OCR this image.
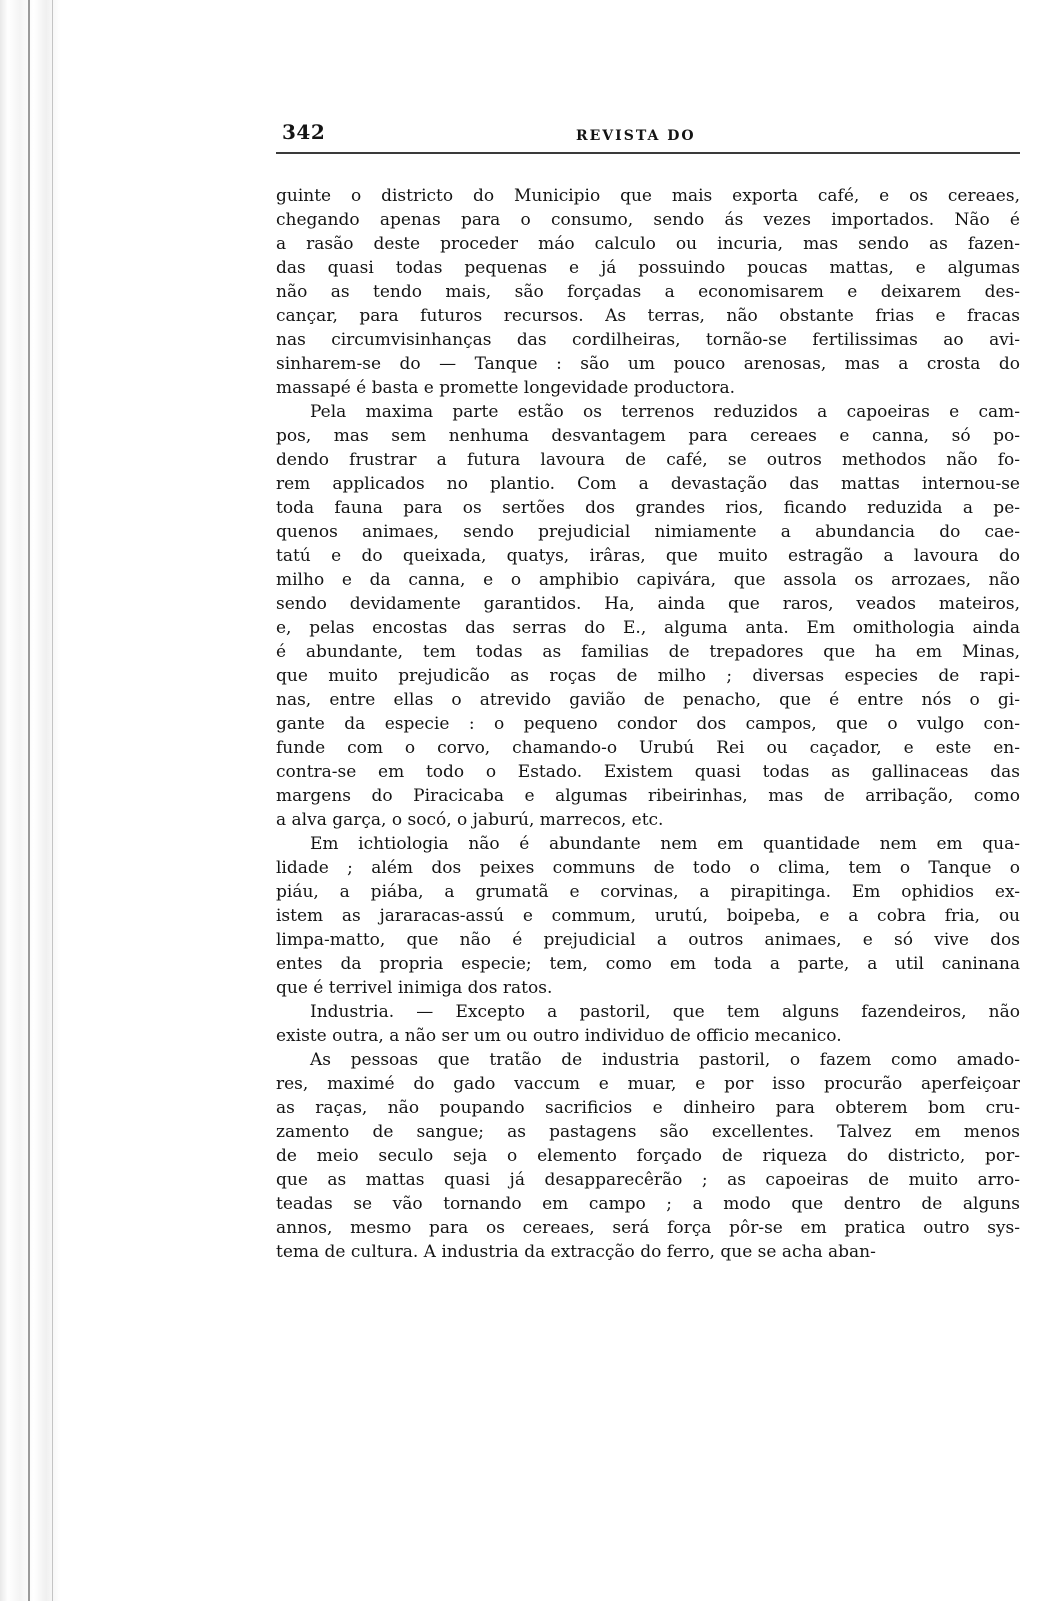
342	REVISTA DO
guinte o districto do Municipio que mais exporta café, e os cereaes,
chegando apenas para o consumo, sendo ás vezes importados. Não é
a rasão deste proceder máo calculo ou incuria, mas sendo as fazen-
das quasi todas pequenas e já possuindo poucas mattas, e algumas
não as tendo mais, são forçadas a economisarem e deixarem des-
cançar, para futuros recursos. As terras, não obstante frias e fracas
nas circumvisinhanças das cordilheiras, tornão-se fertilissimas ao avi-
sinharem-se do — Tanque : são um pouco arenosas, mas a crosta do
massapé é basta e promette longevidade productora.
Pela maxima parte estão os terrenos reduzidos a capoeiras e cam-
pos, mas sem nenhuma desvantagem para cereaes e canna, só po-
dendo frustrar a futura lavoura de café, se outros methodos não fo-
rem applicados no plantio. Com a devastação das mattas internou-se
toda fauna para os sertões dos grandes rios, ficando reduzida a pe-
quenos animaes, sendo prejudicial nimiamente a abundancia do cae-
tatú e do queixada, quatys, irâras, que muito estragão a lavoura do
milho e da canna, e o amphibio capivára, que assola os arrozaes, não
sendo devidamente garantidos. Ha, ainda que raros, veados mateiros,
e, pelas encostas das serras do E., alguma anta. Em omithologia ainda
é abundante, tem todas as familias de trepadores que ha em Minas,
que muito prejudicão as roças de milho ; diversas especies de rapi-
nas, entre ellas o atrevido gavião de penacho, que é entre nós o gi-
gante da especie : o pequeno condor dos campos, que o vulgo con-
funde com o corvo, chamando-o Urubú Rei ou caçador, e este en-
contra-se em todo o Estado. Existem quasi todas as gallinaceas das
margens do Piracicaba e algumas ribeirinhas, mas de arribação, como
a alva garça, o socó, o jaburú, marrecos, etc.
Em ichtiologia não é abundante nem em quantidade nem em qua-
lidade ; além dos peixes communs de todo o clima, tem o Tanque o
piáu, a piába, a grumatã e corvinas, a pirapitinga. Em ophidios ex-
istem as jararacas-assú e commum, urutú, boipeba, e a cobra fria, ou
limpa-matto, que não é prejudicial a outros animaes, e só vive dos
entes da propria especie; tem, como em toda a parte, a util caninana
que é terrivel inimiga dos ratos.
Industria. — Excepto a pastoril, que tem alguns fazendeiros, não
existe outra, a não ser um ou outro individuo de officio mecanico.
As pessoas que tratão de industria pastoril, o fazem como amado-
res, maximé do gado vaccum e muar, e por isso procurão aperfeiçoar
as raças, não poupando sacrificios e dinheiro para obterem bom cru-
zamento de sangue; as pastagens são excellentes. Talvez em menos
de meio seculo seja o elemento forçado de riqueza do districto, por-
que as mattas quasi já desapparecêrão ; as capoeiras de muito arro-
teadas se vão tornando em campo ; a modo que dentro de alguns
annos, mesmo para os cereaes, será força pôr-se em pratica outro sys-
tema de cultura. A industria da extracção do ferro, que se acha aban-
